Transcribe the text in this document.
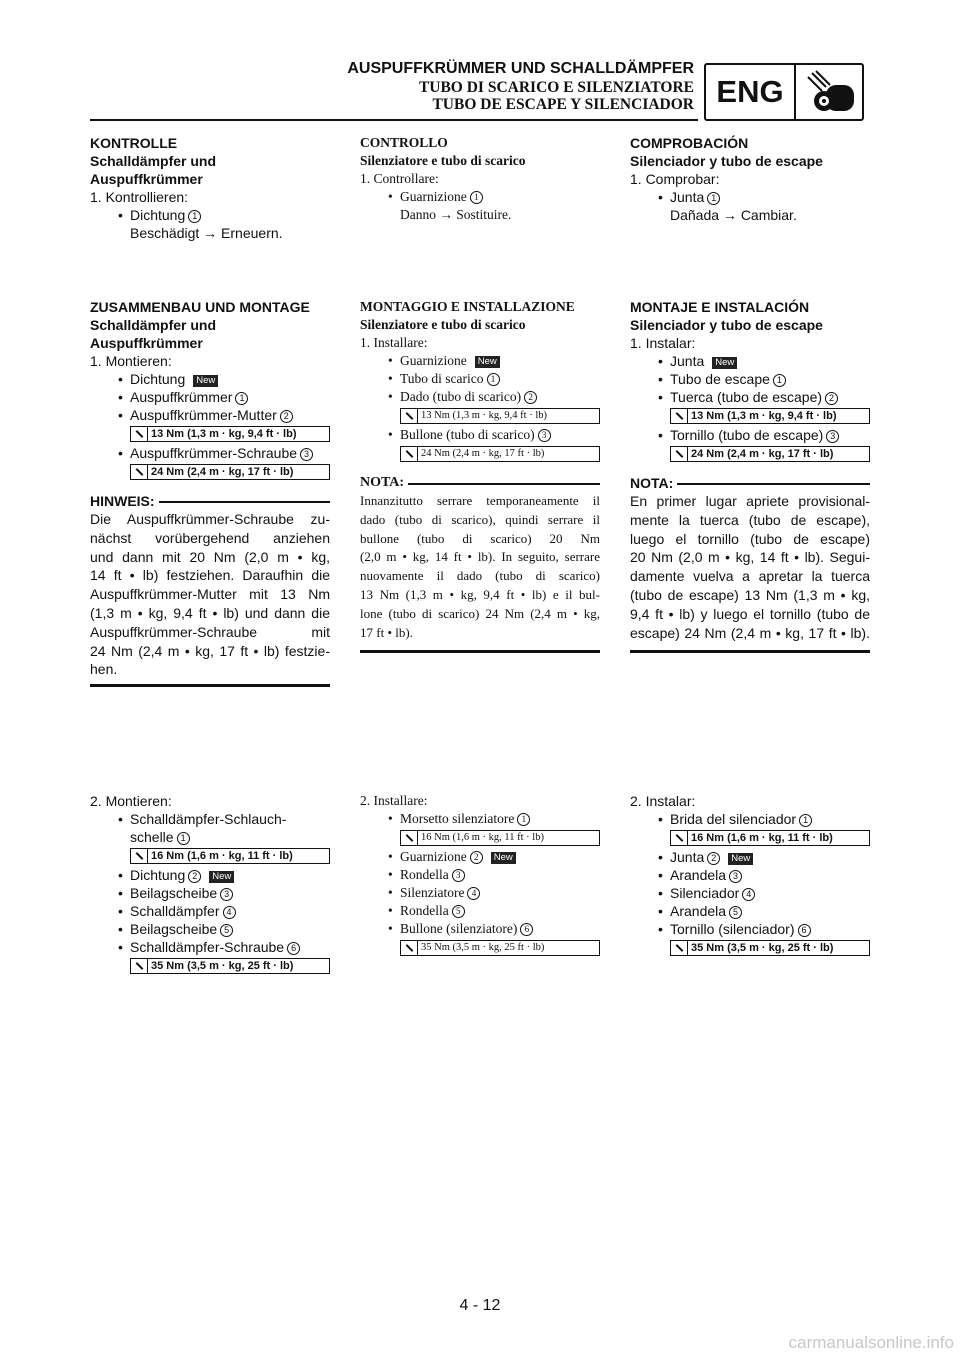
AUSPUFFKRÜMMER UND SCHALLDÄMPFER
TUBO DI SCARICO E SILENZIATORE
TUBO DE ESCAPE Y SILENCIADOR ENG
KONTROLLE
Schalldämpfer und
Auspuffkrümmer
1. Kontrollieren:
• Dichtung 1
Beschädigt → Erneuern.
ZUSAMMENBAU UND MONTAGE
Schalldämpfer und
Auspuffkrümmer
1. Montieren:
• Dichtung New
• Auspuffkrümmer 1
• Auspuffkrümmer-Mutter 2
13 Nm (1,3 m · kg, 9,4 ft · lb)
• Auspuffkrümmer-Schraube 3
24 Nm (2,4 m · kg, 17 ft · lb)
HINWEIS:
Die Auspuffkrümmer-Schraube zu-
nächst vorübergehend anziehen
und dann mit 20 Nm (2,0 m • kg,
14 ft • lb) festziehen. Daraufhin die
Auspuffkrümmer-Mutter mit 13 Nm
(1,3 m • kg, 9,4 ft • lb) und dann die
Auspuffkrümmer-Schraube mit
24 Nm (2,4 m • kg, 17 ft • lb) festzie-
hen.
2. Montieren:
• Schalldämpfer-Schlauch-
schelle 1
16 Nm (1,6 m · kg, 11 ft · lb)
• Dichtung 2 New
• Beilagscheibe 3
• Schalldämpfer 4
• Beilagscheibe 5
• Schalldämpfer-Schraube 6
35 Nm (3,5 m · kg, 25 ft · lb)
CONTROLLO
Silenziatore e tubo di scarico
1. Controllare:
• Guarnizione 1
Danno → Sostituire.
MONTAGGIO E INSTALLAZIONE
Silenziatore e tubo di scarico
1. Installare:
• Guarnizione New
• Tubo di scarico 1
• Dado (tubo di scarico) 2
13 Nm (1,3 m · kg, 9,4 ft · lb)
• Bullone (tubo di scarico) 3
24 Nm (2,4 m · kg, 17 ft · lb)
NOTA:
Innanzitutto serrare temporaneamente il
dado (tubo di scarico), quindi serrare il
bullone (tubo di scarico) 20 Nm
(2,0 m • kg, 14 ft • lb). In seguito, serrare
nuovamente il dado (tubo di scarico)
13 Nm (1,3 m • kg, 9,4 ft • lb) e il bul-
lone (tubo di scarico) 24 Nm (2,4 m • kg,
17 ft • lb).
2. Installare:
• Morsetto silenziatore 1
16 Nm (1,6 m · kg, 11 ft · lb)
• Guarnizione 2 New
• Rondella 3
• Silenziatore 4
• Rondella 5
• Bullone (silenziatore) 6
35 Nm (3,5 m · kg, 25 ft · lb)
COMPROBACIÓN
Silenciador y tubo de escape
1. Comprobar:
• Junta 1
Dañada → Cambiar.
MONTAJE E INSTALACIÓN
Silenciador y tubo de escape
1. Instalar:
• Junta New
• Tubo de escape 1
• Tuerca (tubo de escape) 2
13 Nm (1,3 m · kg, 9,4 ft · lb)
• Tornillo (tubo de escape) 3
24 Nm (2,4 m · kg, 17 ft · lb)
NOTA:
En primer lugar apriete provisional-
mente la tuerca (tubo de escape),
luego el tornillo (tubo de escape)
20 Nm (2,0 m • kg, 14 ft • lb). Segui-
damente vuelva a apretar la tuerca
(tubo de escape) 13 Nm (1,3 m • kg,
9,4 ft • lb) y luego el tornillo (tubo de
escape) 24 Nm (2,4 m • kg, 17 ft • lb).
2. Instalar:
• Brida del silenciador 1
16 Nm (1,6 m · kg, 11 ft · lb)
• Junta 2 New
• Arandela 3
• Silenciador 4
• Arandela 5
• Tornillo (silenciador) 6
35 Nm (3,5 m · kg, 25 ft · lb)
4 - 12
carmanualsonline.info
